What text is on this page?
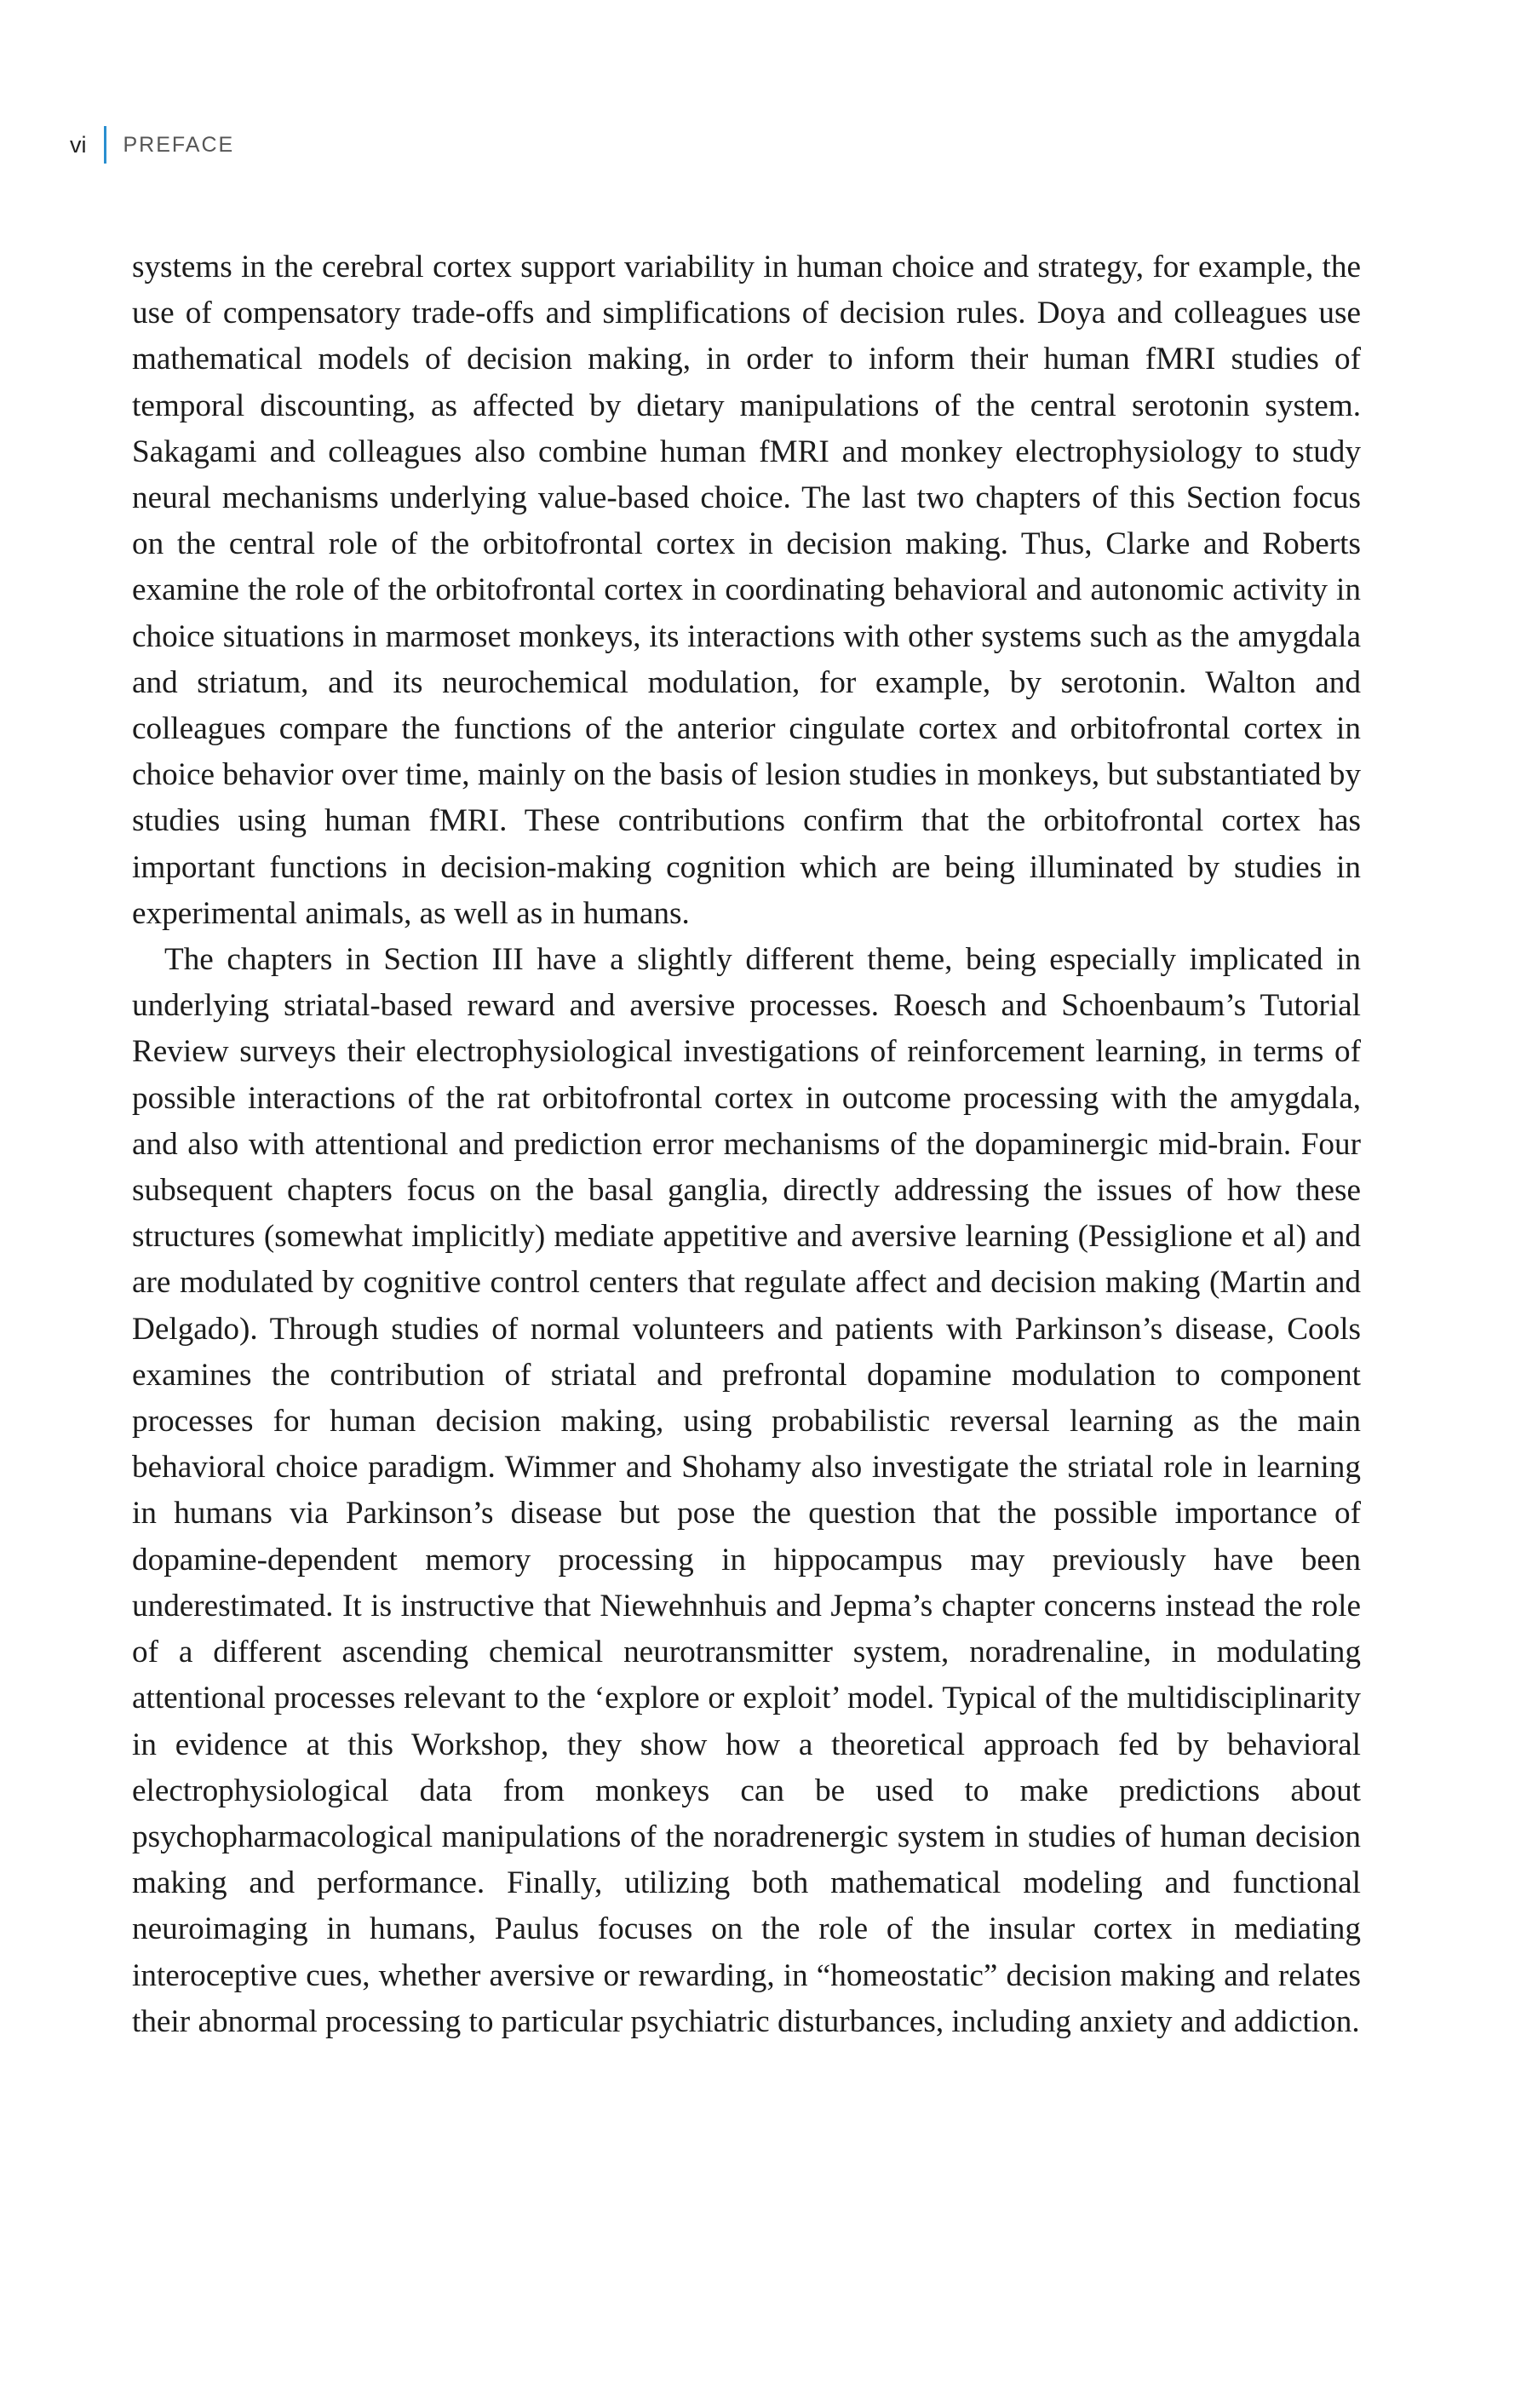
vi	PREFACE

systems in the cerebral cortex support variability in human choice and strategy, for example, the use of compensatory trade-offs and simplifications of decision rules. Doya and colleagues use mathematical models of decision making, in order to inform their human fMRI studies of temporal discounting, as affected by dietary manipulations of the central serotonin system. Sakagami and colleagues also combine human fMRI and monkey electrophysiology to study neural mechanisms underlying value-based choice. The last two chapters of this Section focus on the central role of the orbitofrontal cortex in decision making. Thus, Clarke and Roberts examine the role of the orbitofrontal cortex in coordinating behavioral and autonomic activity in choice situations in marmoset monkeys, its interactions with other systems such as the amygdala and striatum, and its neurochemical modulation, for example, by serotonin. Walton and colleagues compare the functions of the anterior cingulate cortex and orbitofrontal cortex in choice behavior over time, mainly on the basis of lesion studies in monkeys, but substantiated by studies using human fMRI. These contributions confirm that the orbitofrontal cortex has important functions in decision-making cognition which are being illuminated by studies in experimental animals, as well as in humans.

The chapters in Section III have a slightly different theme, being especially implicated in underlying striatal-based reward and aversive processes. Roesch and Schoenbaum’s Tutorial Review surveys their electrophysiological investigations of reinforcement learning, in terms of possible interactions of the rat orbitofrontal cortex in outcome processing with the amygdala, and also with attentional and prediction error mechanisms of the dopaminergic mid-brain. Four subsequent chapters focus on the basal ganglia, directly addressing the issues of how these structures (somewhat implicitly) mediate appetitive and aversive learning (Pessiglione et al) and are modulated by cognitive control centers that regulate affect and decision making (Martin and Delgado). Through studies of normal volunteers and patients with Parkinson’s disease, Cools examines the contribution of striatal and prefrontal dopamine modulation to component processes for human decision making, using probabilistic reversal learning as the main behavioral choice paradigm. Wimmer and Shohamy also investigate the striatal role in learning in humans via Parkinson’s disease but pose the question that the possible importance of dopamine-dependent memory processing in hippocampus may previously have been underestimated. It is instructive that Niewehnhuis and Jepma’s chapter concerns instead the role of a different ascending chemical neurotransmitter system, noradrenaline, in modulating attentional processes relevant to the ‘explore or exploit’ model. Typical of the multidisciplinarity in evidence at this Workshop, they show how a theoretical approach fed by behavioral electrophysiological data from monkeys can be used to make predictions about psychopharmacological manipulations of the noradrenergic system in studies of human decision making and performance. Finally, utilizing both mathematical modeling and functional neuroimaging in humans, Paulus focuses on the role of the insular cortex in mediating interoceptive cues, whether aversive or rewarding, in “homeostatic” decision making and relates their abnormal processing to particular psychiatric disturbances, including anxiety and addiction.
